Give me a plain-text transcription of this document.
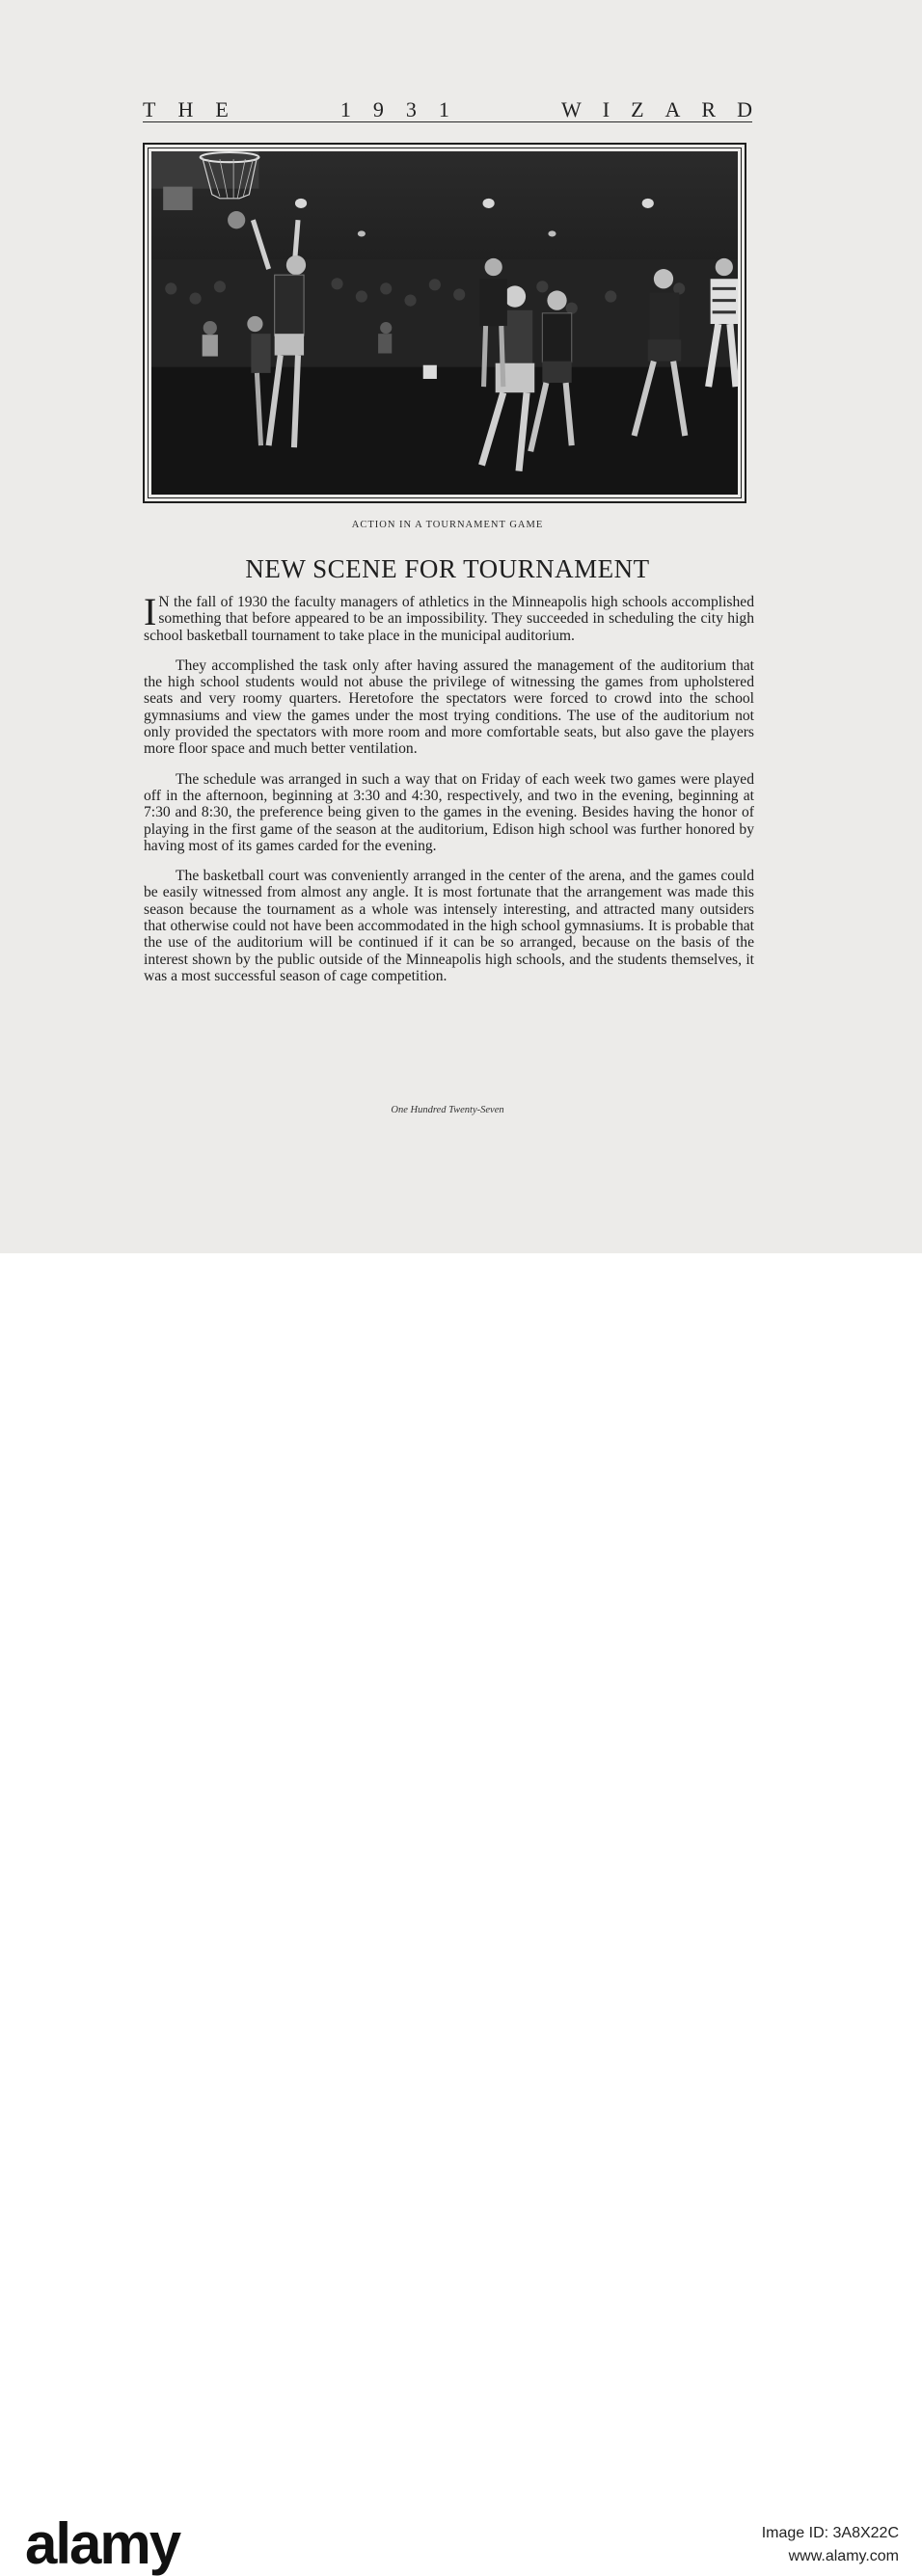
THE	1931	WIZARD
ACTION IN A TOURNAMENT GAME
NEW SCENE FOR TOURNAMENT

I N the fall of 1930 the faculty managers of athletics in the Minneapolis high schools accomplished something that before appeared to be an impossibility. They succeeded in scheduling the city high school basketball tournament to take place in the municipal auditorium.

They accomplished the task only after having assured the management of the auditorium that the high school students would not abuse the privilege of witnessing the games from upholstered seats and very roomy quarters. Heretofore the spectators were forced to crowd into the school gymnasiums and view the games under the most trying conditions. The use of the auditorium not only provided the spectators with more room and more comfortable seats, but also gave the players more floor space and much better ventilation.

The schedule was arranged in such a way that on Friday of each week two games were played off in the afternoon, beginning at 3:30 and 4:30, respectively, and two in the evening, beginning at 7:30 and 8:30, the preference being given to the games in the evening. Besides having the honor of playing in the first game of the season at the auditorium, Edison high school was further honored by having most of its games carded for the evening.

The basketball court was conveniently arranged in the center of the arena, and the games could be easily witnessed from almost any angle. It is most fortunate that the arrangement was made this season because the tournament as a whole was intensely interesting, and attracted many outsiders that otherwise could not have been accommodated in the high school gymnasiums. It is probable that the use of the auditorium will be continued if it can be so arranged, because on the basis of the interest shown by the public outside of the Minneapolis high schools, and the students themselves, it was a most successful season of cage competition.

One Hundred Twenty-Seven
alamy	Image ID: 3A8X22C
www.alamy.com
